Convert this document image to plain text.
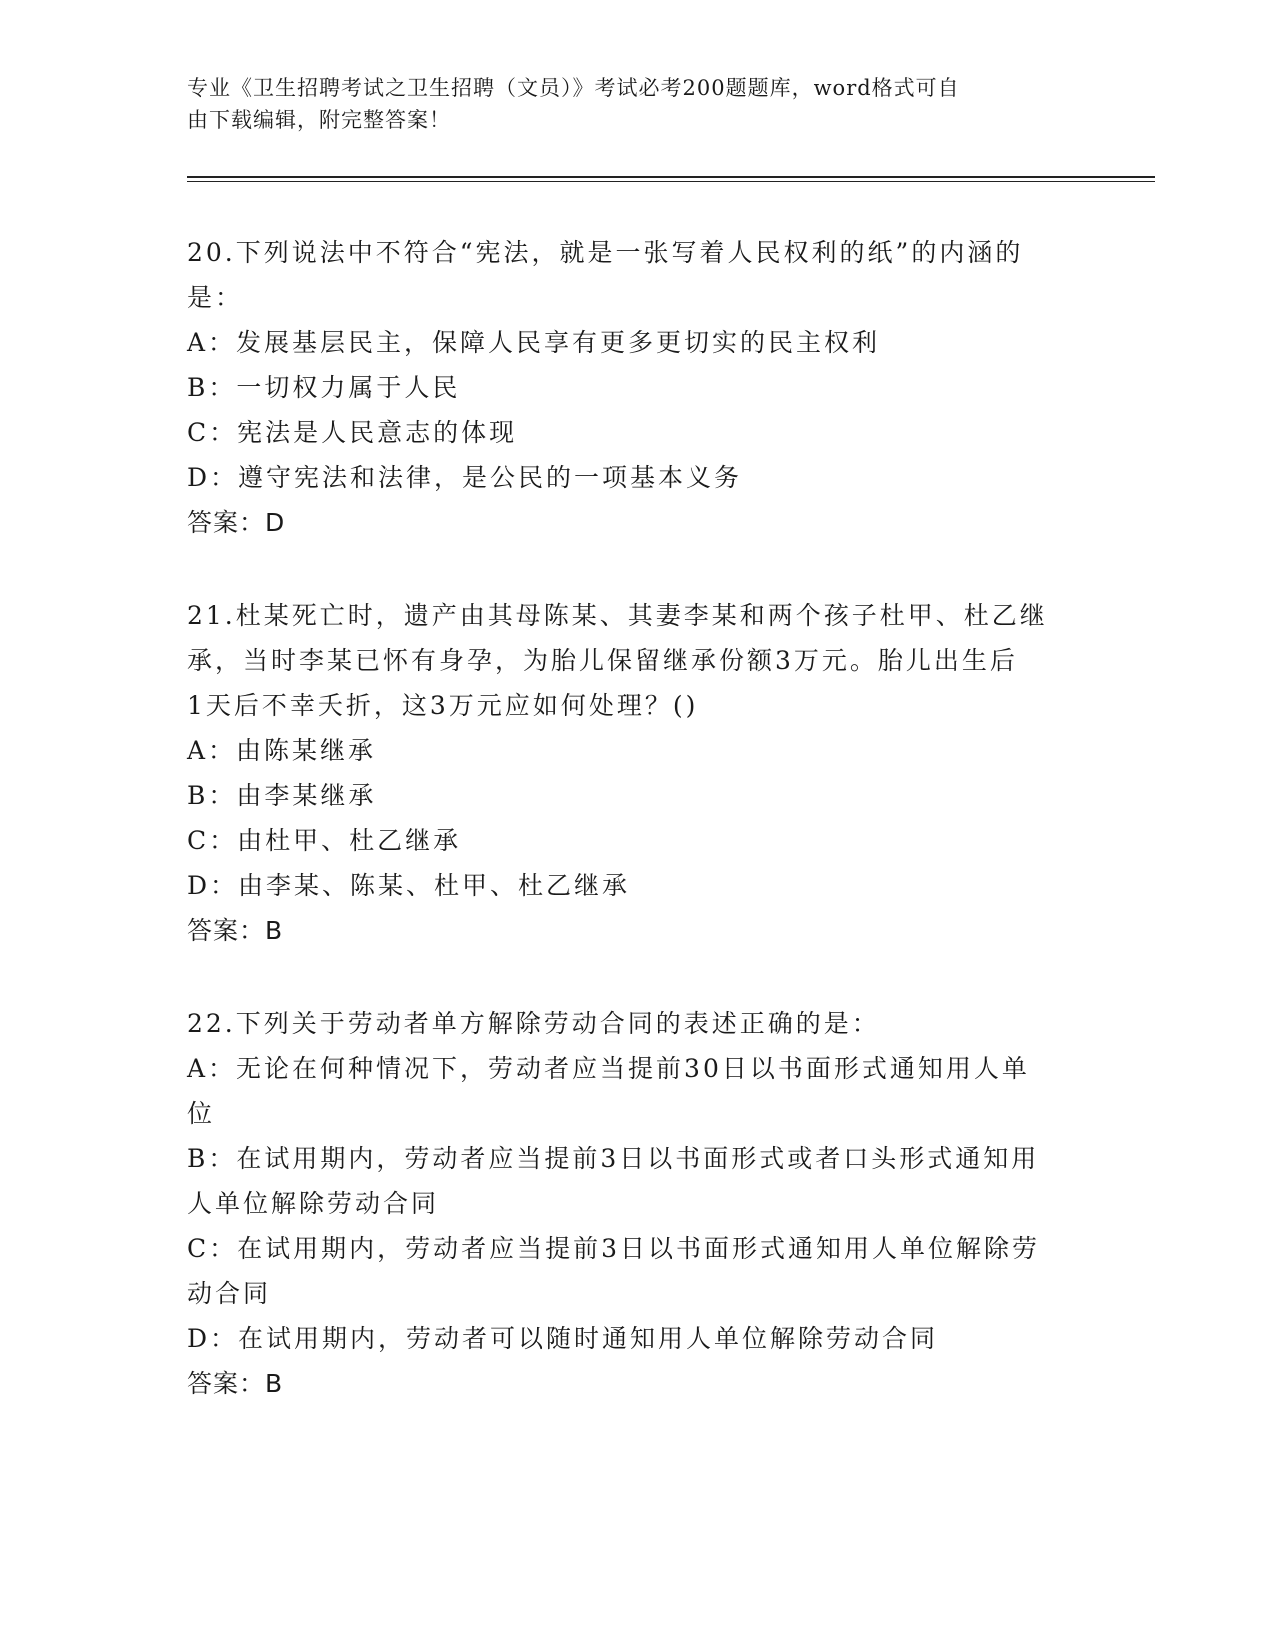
专业《卫生招聘考试之卫生招聘（文员）》考试必考200题题库，word格式可自
由下载编辑，附完整答案！
20.下列说法中不符合“宪法，就是一张写着人民权利的纸”的内涵的
是：
A：发展基层民主，保障人民享有更多更切实的民主权利
B：一切权力属于人民
C：宪法是人民意志的体现
D：遵守宪法和法律，是公民的一项基本义务
答案：D
21.杜某死亡时，遗产由其母陈某、其妻李某和两个孩子杜甲、杜乙继
承，当时李某已怀有身孕，为胎儿保留继承份额3万元。胎儿出生后
1天后不幸夭折，这3万元应如何处理？()
A：由陈某继承
B：由李某继承
C：由杜甲、杜乙继承
D：由李某、陈某、杜甲、杜乙继承
答案：B
22.下列关于劳动者单方解除劳动合同的表述正确的是：
A：无论在何种情况下，劳动者应当提前30日以书面形式通知用人单
位
B：在试用期内，劳动者应当提前3日以书面形式或者口头形式通知用
人单位解除劳动合同
C：在试用期内，劳动者应当提前3日以书面形式通知用人单位解除劳
动合同
D：在试用期内，劳动者可以随时通知用人单位解除劳动合同
答案：B
